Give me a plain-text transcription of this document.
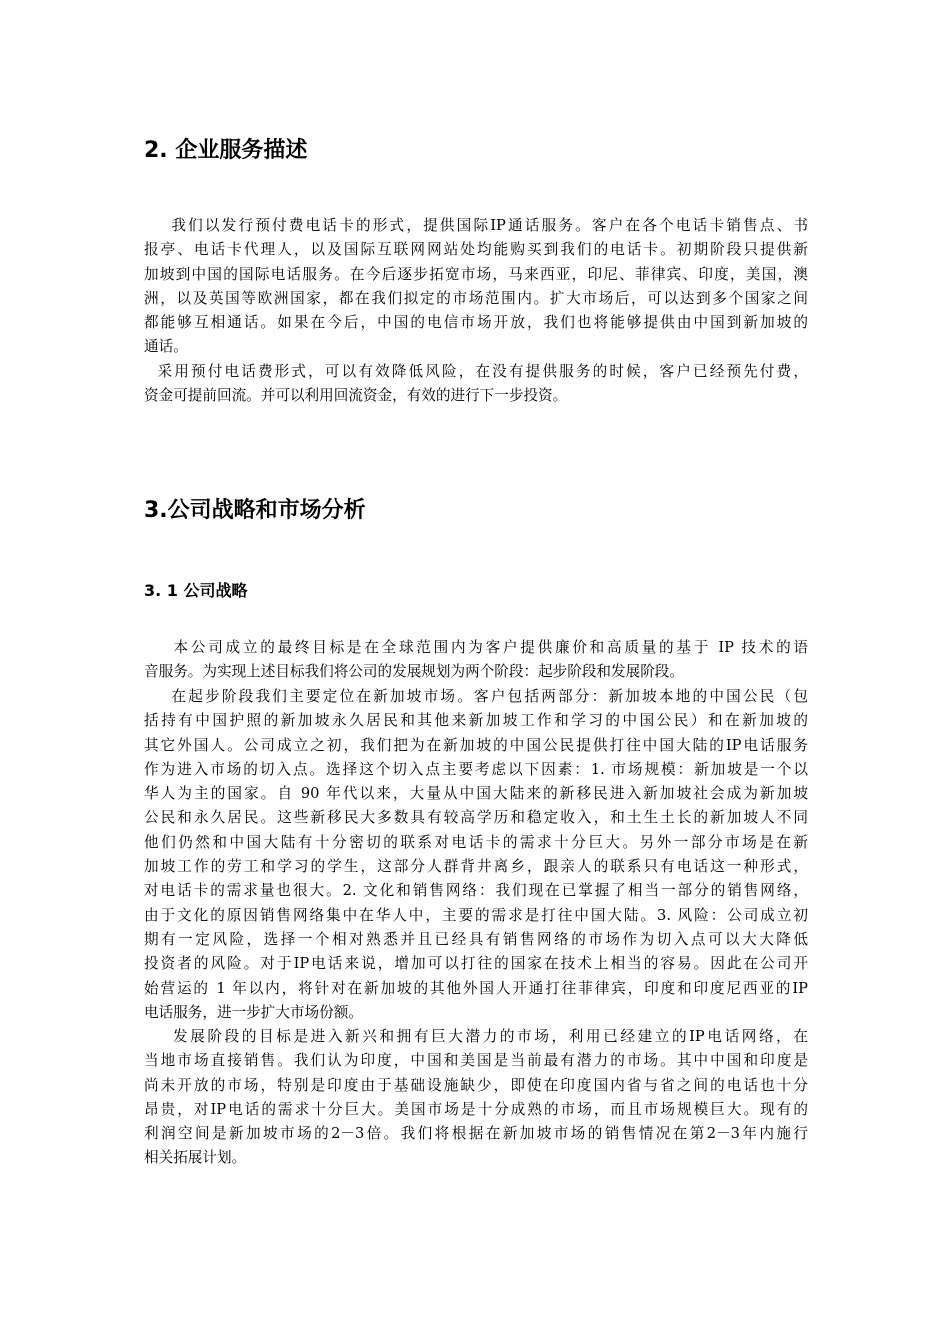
2. 企业服务描述
我们以发行预付费电话卡的形式，提供国际IP通话服务。客户在各个电话卡销售点、书
报亭、电话卡代理人，以及国际互联网网站处均能购买到我们的电话卡。初期阶段只提供新
加坡到中国的国际电话服务。在今后逐步拓宽市场，马来西亚，印尼、菲律宾、印度，美国，澳
洲，以及英国等欧洲国家，都在我们拟定的市场范围内。扩大市场后，可以达到多个国家之间
都能够互相通话。如果在今后，中国的电信市场开放，我们也将能够提供由中国到新加坡的
通话。
采用预付电话费形式，可以有效降低风险，在没有提供服务的时候，客户已经预先付费，
资金可提前回流。并可以利用回流资金，有效的进行下一步投资。
3.公司战略和市场分析
3. 1 公司战略
本公司成立的最终目标是在全球范围内为客户提供廉价和高质量的基于 IP 技术的语
音服务。为实现上述目标我们将公司的发展规划为两个阶段：起步阶段和发展阶段。
在起步阶段我们主要定位在新加坡市场。客户包括两部分：新加坡本地的中国公民（包
括持有中国护照的新加坡永久居民和其他来新加坡工作和学习的中国公民）和在新加坡的
其它外国人。公司成立之初，我们把为在新加坡的中国公民提供打往中国大陆的IP电话服务
作为进入市场的切入点。选择这个切入点主要考虑以下因素：1. 市场规模：新加坡是一个以
华人为主的国家。自 90 年代以来，大量从中国大陆来的新移民进入新加坡社会成为新加坡
公民和永久居民。这些新移民大多数具有较高学历和稳定收入，和土生土长的新加坡人不同
他们仍然和中国大陆有十分密切的联系对电话卡的需求十分巨大。另外一部分市场是在新
加坡工作的劳工和学习的学生，这部分人群背井离乡，跟亲人的联系只有电话这一种形式，
对电话卡的需求量也很大。2. 文化和销售网络：我们现在已掌握了相当一部分的销售网络，
由于文化的原因销售网络集中在华人中，主要的需求是打往中国大陆。3. 风险：公司成立初
期有一定风险，选择一个相对熟悉并且已经具有销售网络的市场作为切入点可以大大降低
投资者的风险。对于IP电话来说，增加可以打往的国家在技术上相当的容易。因此在公司开
始营运的 1 年以内，将针对在新加坡的其他外国人开通打往菲律宾，印度和印度尼西亚的IP
电话服务，进一步扩大市场份额。
发展阶段的目标是进入新兴和拥有巨大潜力的市场，利用已经建立的IP电话网络，在
当地市场直接销售。我们认为印度，中国和美国是当前最有潜力的市场。其中中国和印度是
尚未开放的市场，特别是印度由于基础设施缺少，即使在印度国内省与省之间的电话也十分
昂贵，对IP电话的需求十分巨大。美国市场是十分成熟的市场，而且市场规模巨大。现有的
利润空间是新加坡市场的2－3倍。我们将根据在新加坡市场的销售情况在第2－3年内施行
相关拓展计划。
